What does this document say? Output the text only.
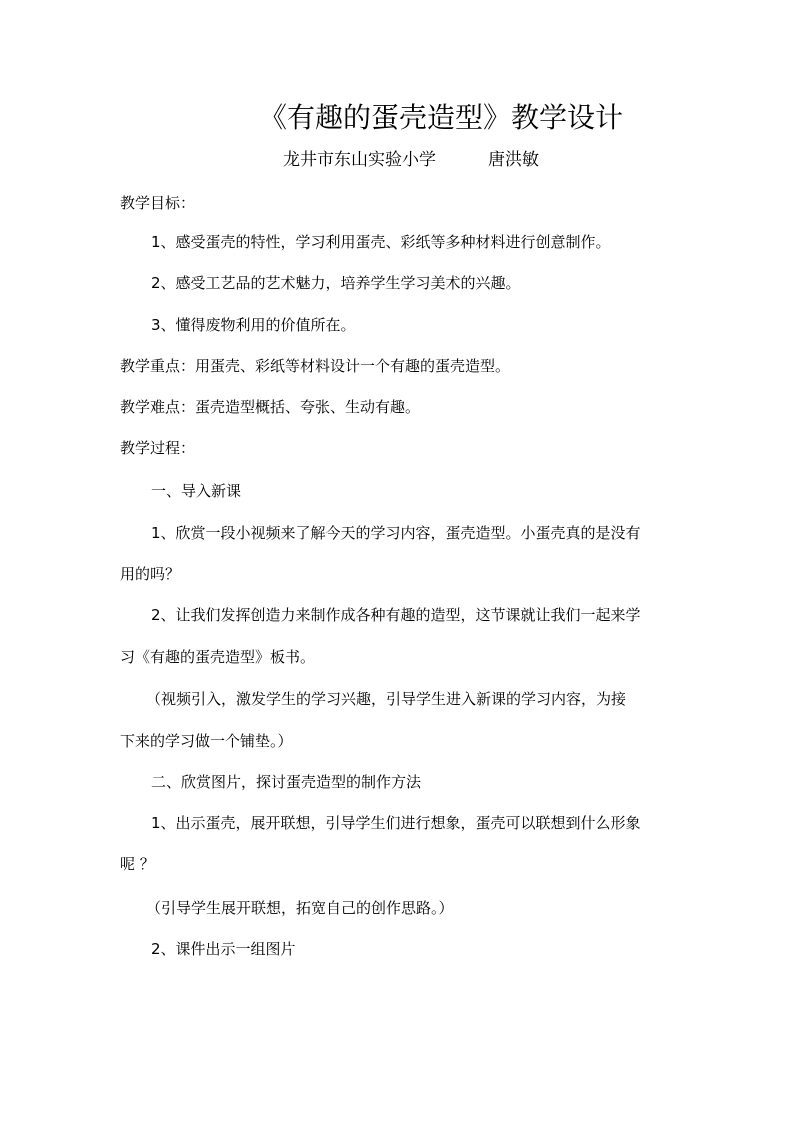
《有趣的蛋壳造型》教学设计
龙井市东山实验小学	唐洪敏
教学目标：
1、感受蛋壳的特性，学习利用蛋壳、彩纸等多种材料进行创意制作。
2、感受工艺品的艺术魅力，培养学生学习美术的兴趣。
3、懂得废物利用的价值所在。
教学重点：用蛋壳、彩纸等材料设计一个有趣的蛋壳造型。
教学难点：蛋壳造型概括、夸张、生动有趣。
教学过程：
一、导入新课
1、欣赏一段小视频来了解今天的学习内容，蛋壳造型。小蛋壳真的是没有
用的吗？
2、让我们发挥创造力来制作成各种有趣的造型，这节课就让我们一起来学
习《有趣的蛋壳造型》板书。
（视频引入，激发学生的学习兴趣，引导学生进入新课的学习内容，为接
下来的学习做一个铺垫。）
二、欣赏图片，探讨蛋壳造型的制作方法
1、出示蛋壳，展开联想，引导学生们进行想象，蛋壳可以联想到什么形象
呢 ？
（引导学生展开联想，拓宽自己的创作思路。）
2、课件出示一组图片
